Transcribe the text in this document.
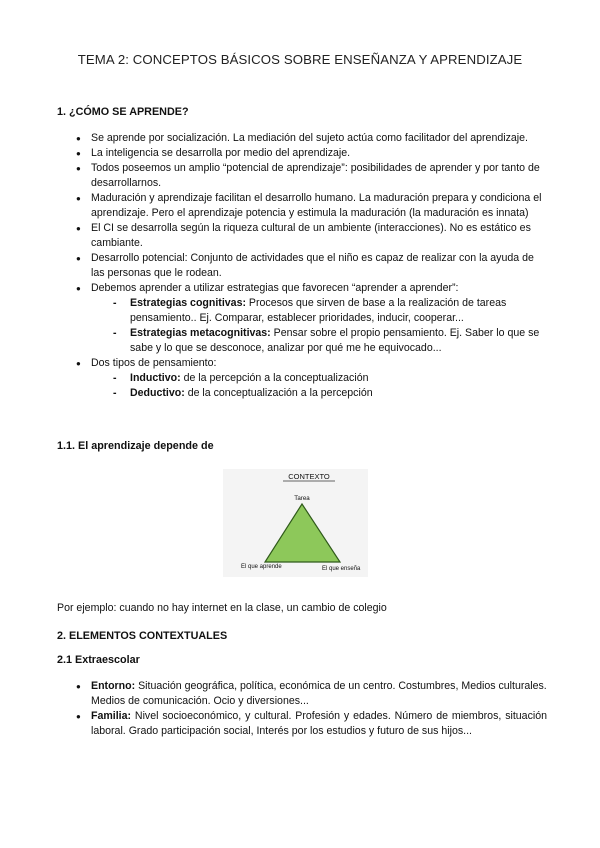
TEMA 2: CONCEPTOS BÁSICOS SOBRE ENSEÑANZA Y APRENDIZAJE
1. ¿CÓMO SE APRENDE?
● Se aprende por socialización. La mediación del sujeto actúa como facilitador del aprendizaje.
● La inteligencia se desarrolla por medio del aprendizaje.
● Todos poseemos un amplio “potencial de aprendizaje”: posibilidades de aprender y por tanto de desarrollarnos.
● Maduración y aprendizaje facilitan el desarrollo humano. La maduración prepara y condiciona el aprendizaje. Pero el aprendizaje potencia y estimula la maduración (la maduración es innata)
● El CI se desarrolla según la riqueza cultural de un ambiente (interacciones). No es estático es cambiante.
● Desarrollo potencial: Conjunto de actividades que el niño es capaz de realizar con la ayuda de las personas que le rodean.
● Debemos aprender a utilizar estrategias que favorecen “aprender a aprender”:
- Estrategias cognitivas: Procesos que sirven de base a la realización de tareas pensamiento.. Ej. Comparar, establecer prioridades, inducir, cooperar...
- Estrategias metacognitivas: Pensar sobre el propio pensamiento. Ej. Saber lo que se sabe y lo que se desconoce, analizar por qué me he equivocado...
● Dos tipos de pensamiento:
- Inductivo: de la percepción a la conceptualización
- Deductivo: de la conceptualización a la percepción
1.1. El aprendizaje depende de
CONTEXTO
Tarea
El que aprende	El que enseña
Por ejemplo: cuando no hay internet en la clase, un cambio de colegio
2. ELEMENTOS CONTEXTUALES
2.1 Extraescolar
● Entorno: Situación geográfica, política, económica de un centro. Costumbres, Medios culturales. Medios de comunicación. Ocio y diversiones...
● Familia: Nivel socioeconómico, y cultural. Profesión y edades. Número de miembros, situación laboral. Grado participación social, Interés por los estudios y futuro de sus hijos...
